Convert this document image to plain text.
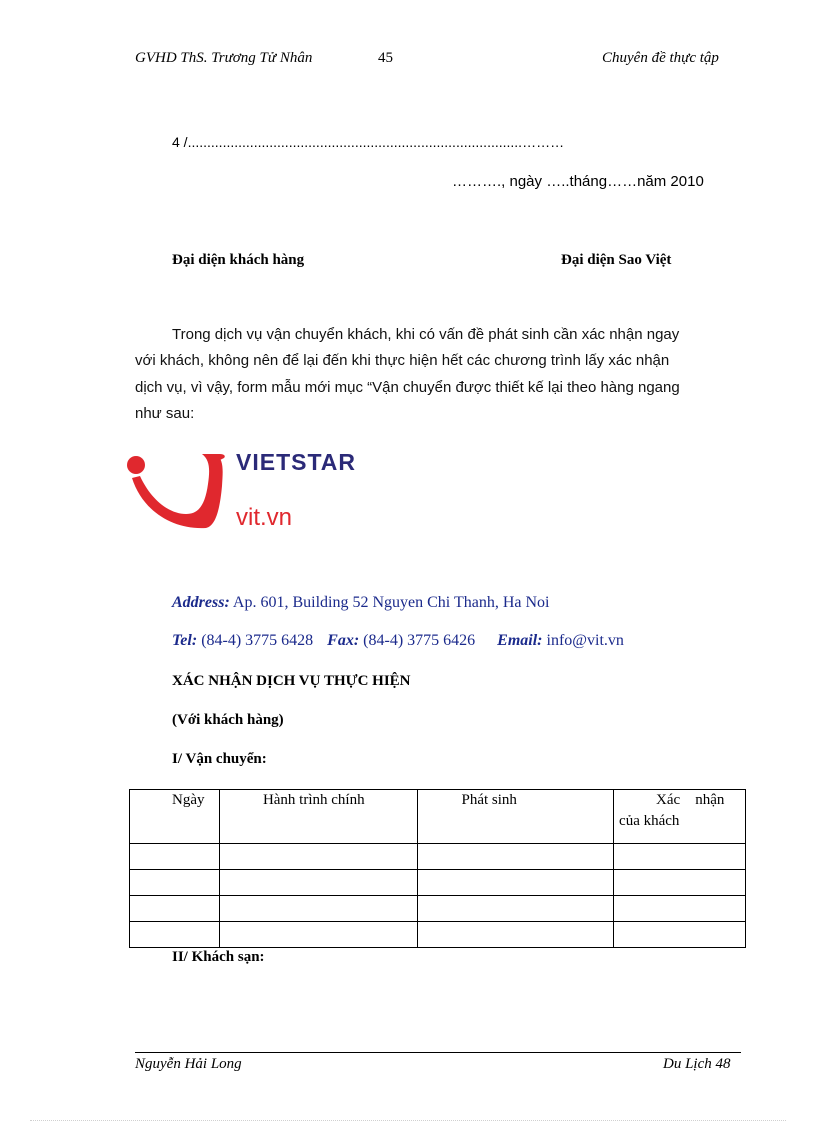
GVHD ThS. Trương Tử Nhân	45	Chuyên đề thực tập
4 /......................................................................................………
………., ngày …..tháng……năm 2010
Đại diện khách hàng	Đại diện Sao Việt
Trong dịch vụ vận chuyển khách, khi có vấn đề phát sinh cần xác nhận ngay
với khách, không nên để lại đến khi thực hiện hết các chương trình lấy xác nhận
dịch vụ, vì vậy, form mẫu mới mục “Vận chuyển được thiết kế lại theo hàng ngang
như sau:
VIETSTAR
vit.vn
Address: Ap. 601, Building 52 Nguyen Chi Thanh, Ha Noi
Tel: (84-4) 3775 6428 Fax: (84-4) 3775 6426 Email: info@vit.vn
XÁC NHẬN DỊCH VỤ THỰC HIỆN
(Với khách hàng)
I/ Vận chuyển:
Ngày	Hành trình chính	Phát sinh	Xác    nhận
của khách

II/ Khách sạn:
Nguyễn Hải Long	Du Lịch 48
